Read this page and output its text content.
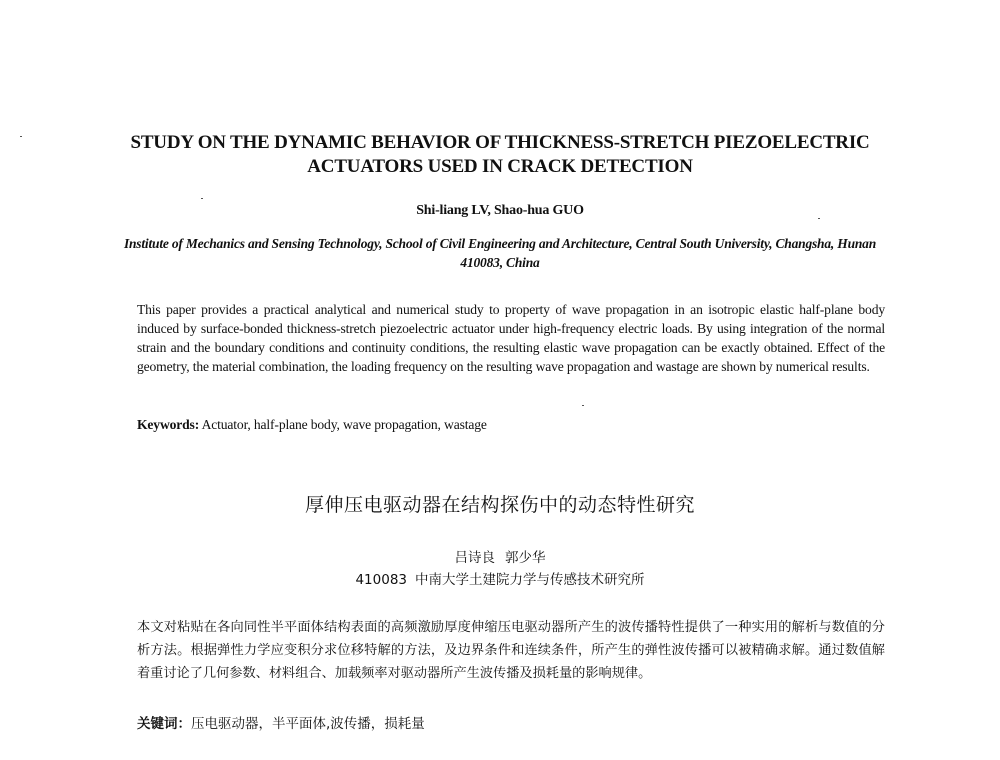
STUDY ON THE DYNAMIC BEHAVIOR OF THICKNESS-STRETCH PIEZOELECTRIC ACTUATORS USED IN CRACK DETECTION
Shi-liang LV, Shao-hua GUO
Institute of Mechanics and Sensing Technology, School of Civil Engineering and Architecture, Central South University, Changsha, Hunan 410083, China
This paper provides a practical analytical and numerical study to property of wave propagation in an isotropic elastic half-plane body induced by surface-bonded thickness-stretch piezoelectric actuator under high-frequency electric loads. By using integration of the normal strain and the boundary conditions and continuity conditions, the resulting elastic wave propagation can be exactly obtained. Effect of the geometry, the material combination, the loading frequency on the resulting wave propagation and wastage are shown by numerical results.
Keywords: Actuator, half-plane body, wave propagation, wastage
厚伸压电驱动器在结构探伤中的动态特性研究
吕诗良 郭少华
410083 中南大学土建院力学与传感技术研究所
本文对粘贴在各向同性半平面体结构表面的高频激励厚度伸缩压电驱动器所产生的波传播特性提供了一种实用的解析与数值的分析方法。根据弹性力学应变积分求位移特解的方法，及边界条件和连续条件，所产生的弹性波传播可以被精确求解。通过数值解着重讨论了几何参数、材料组合、加载频率对驱动器所产生波传播及损耗量的影响规律。
关键词：压电驱动器，半平面体,波传播，损耗量
